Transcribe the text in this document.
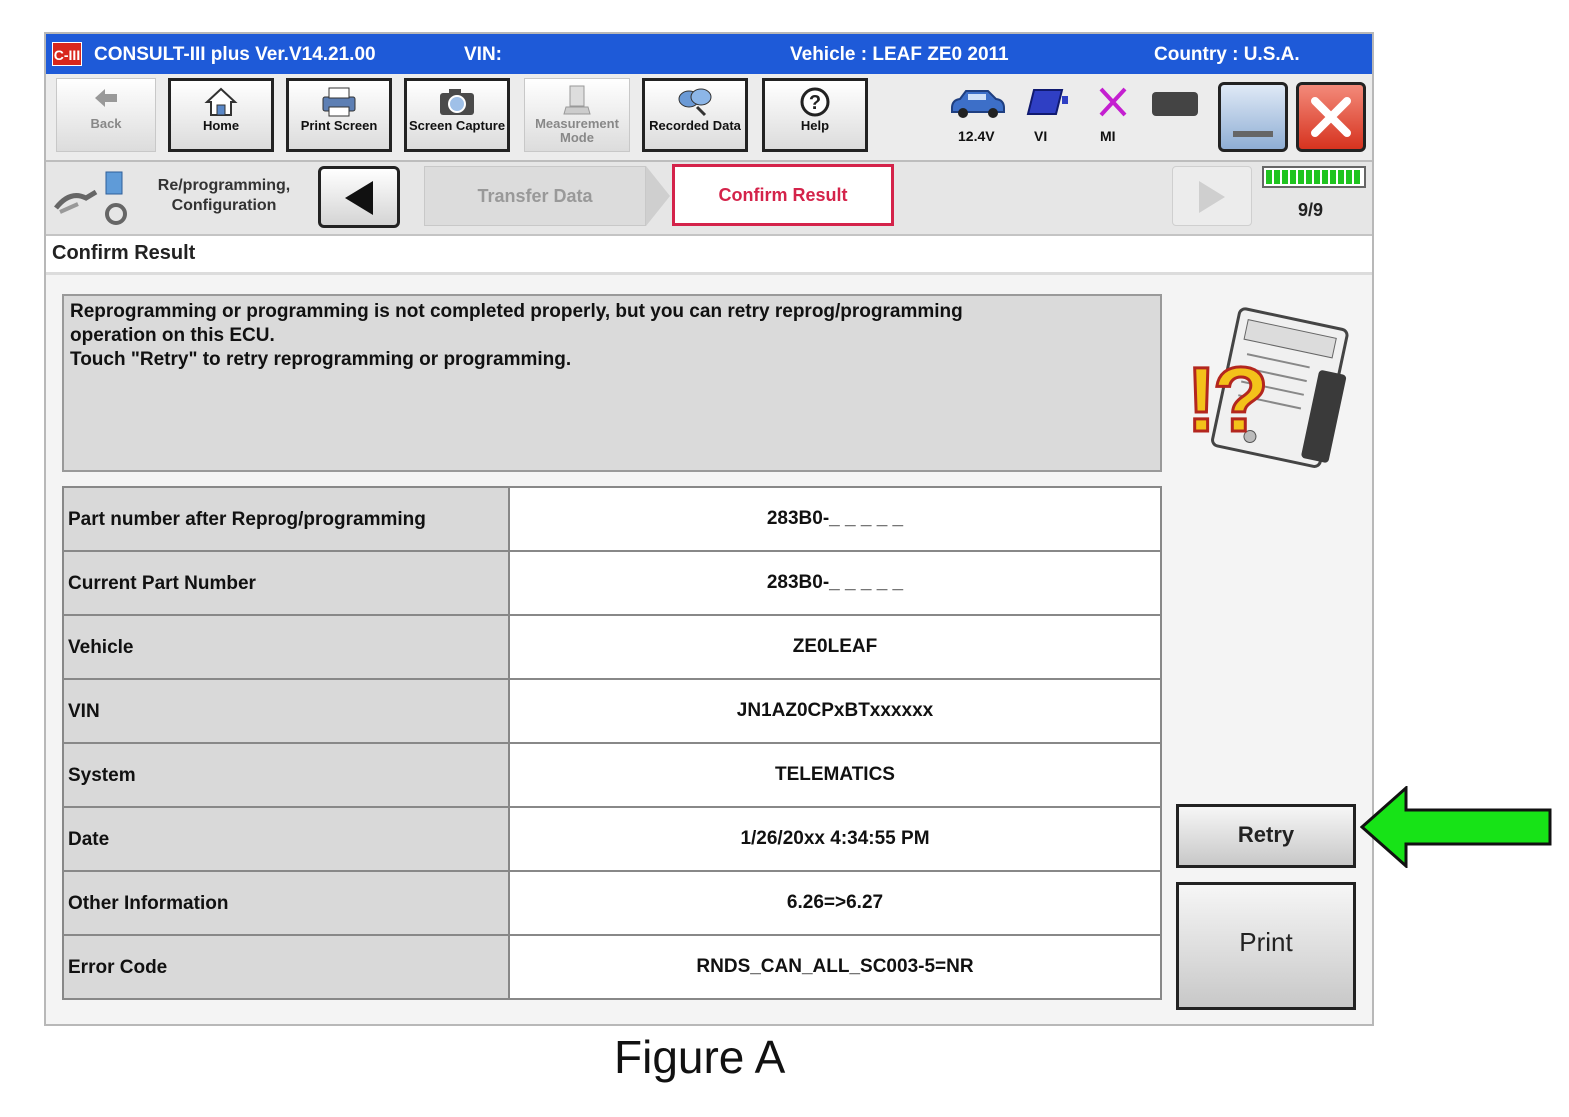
C-III CONSULT-III plus Ver.V14.21.00	VIN:	Vehicle : LEAF ZE0 2011	Country : U.S.A.
Back	Home	Print Screen	Screen Capture	Measurement Mode
Recorded Data
?
Help
12.4V	VI	MI
Re/programming, Configuration	Transfer Data	Confirm Result
9/9
Confirm Result
Reprogramming or programming is not completed properly, but you can retry reprog/programming
operation on this ECU.
Touch "Retry" to retry reprogramming or programming.	!?
Part number after Reprog/programming	283B0-_ _ _ _ _
Current Part Number	283B0-_ _ _ _ _
Vehicle	ZE0LEAF
VIN	JN1AZ0CPxBTxxxxxx
System	TELEMATICS
Date	1/26/20xx 4:34:55 PM
Other Information	6.26=>6.27
Error Code	RNDS_CAN_ALL_SC003-5=NR
Retry
Print
Figure A
